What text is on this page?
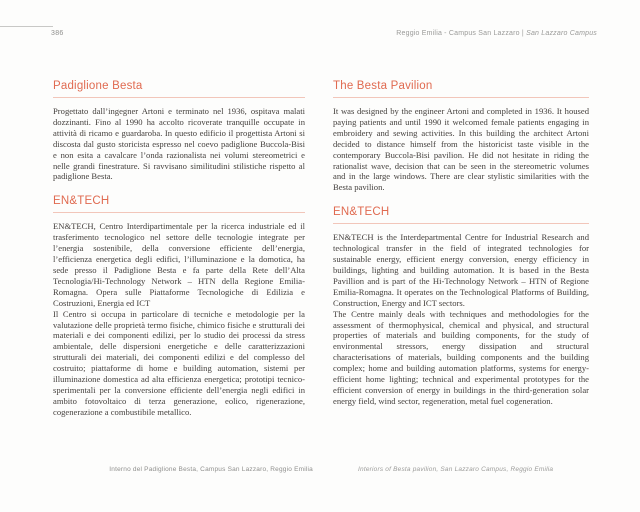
386	Reggio Emilia - Campus San Lazzaro | San Lazzaro Campus
Padiglione Besta

Progettato dall’ingegner Artoni e terminato nel 1936, ospitava malati dozzinanti. Fino al 1990 ha accolto ricoverate tranquille occupate in attività di ricamo e guardaroba. In questo edificio il progettista Artoni si discosta dal gusto storicista espresso nel coevo padiglione Buccola-Bisi e non esita a cavalcare l’onda razionalista nei volumi stereometrici e nelle grandi finestrature. Si ravvisano similitudini stilistiche rispetto al padiglione Besta.

EN&TECH

EN&TECH, Centro Interdipartimentale per la ricerca industriale ed il trasferimento tecnologico nel settore delle tecnologie integrate per l’energia sostenibile, della conversione efficiente dell’energia, l’efficienza energetica degli edifici, l’illuminazione e la domotica, ha sede presso il Padiglione Besta e fa parte della Rete dell’Alta Tecnologia/Hi-Technology Network – HTN della Regione Emilia-Romagna. Opera sulle Piattaforme Tecnologiche di Edilizia e Costruzioni, Energia ed ICT

Il Centro si occupa in particolare di tecniche e metodologie per la valutazione delle proprietà termo fisiche, chimico fisiche e strutturali dei materiali e dei componenti edilizi, per lo studio dei processi da stress ambientale, delle dispersioni energetiche e delle caratterizzazioni strutturali dei materiali, dei componenti edilizi e del complesso del costruito; piattaforme di home e building automation, sistemi per illuminazione domestica ad alta efficienza energetica; prototipi tecnico-sperimentali per la conversione efficiente dell’energia negli edifici in ambito fotovoltaico di terza generazione, eolico, rigenerazione, cogenerazione a combustibile metallico.

The Besta Pavilion

It was designed by the engineer Artoni and completed in 1936. It housed paying patients and until 1990 it welcomed female patients engaging in embroidery and sewing activities. In this building the architect Artoni decided to distance himself from the historicist taste visible in the contemporary Buccola-Bisi pavilion. He did not hesitate in riding the rationalist wave, decision that can be seen in the stereometric volumes and in the large windows. There are clear stylistic similarities with the Besta pavilion.

EN&TECH

EN&TECH is the Interdepartmental Centre for Industrial Research and technological transfer in the field of integrated technologies for sustainable energy, efficient energy conversion, energy efficiency in buildings, lighting and building automation. It is based in the Besta Pavillion and is part of the Hi-Technology Network – HTN of Regione Emilia-Romagna. It operates on the Technological Platforms of Building, Construction, Energy and ICT sectors.

The Centre mainly deals with techniques and methodologies for the assessment of thermophysical, chemical and physical, and structural properties of materials and building components, for the study of environmental stressors, energy dissipation and structural characterisations of materials, building components and the building complex; home and building automation platforms, systems for energy-efficient home lighting; technical and experimental prototypes for the efficient conversion of energy in buildings in the third-generation solar energy field, wind sector, regeneration, metal fuel cogeneration.

Interno del Padiglione Besta, Campus San Lazzaro, Reggio Emilia	Interiors of Besta pavilion, San Lazzaro Campus, Reggio Emilia
